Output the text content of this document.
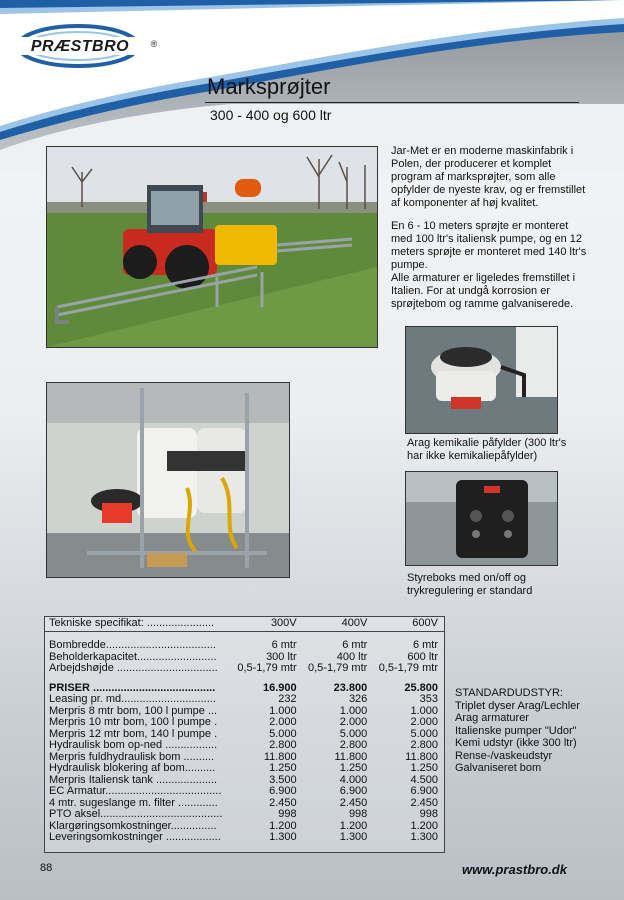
PRÆSTBRO ®
Marksprøjter
300 - 400 og 600 ltr

Jar-Met er en moderne maskinfabrik i Polen, der producerer et komplet program af marksprøjter, som alle opfylder de nyeste krav, og er fremstillet af komponenter af høj kvalitet.

En 6 - 10 meters sprøjte er monteret med 100 ltr's italiensk pumpe, og en 12 meters sprøjte er monteret med 140 ltr's pumpe.

Alle armaturer er ligeledes fremstillet i Italien. For at undgå korrosion er sprøjtebom og ramme galvaniserede.

Arag kemikalie påfylder (300 ltr's har ikke kemikaliepåfylder)
Styreboks med on/off og trykregulering er standard
Tekniske specifikat: ......................	300V	400V	600V

Bombredde....................................	6 mtr	6 mtr	6 mtr
Beholderkapacitet..........................	300 ltr	400 ltr	600 ltr
Arbejdshøjde .................................	0,5-1,79 mtr	0,5-1,79 mtr	0,5-1,79 mtr

PRISER ........................................	16.900	23.800	25.800
Leasing pr. md...............................	232	326	353
Merpris 8 mtr bom, 100 l pumpe ...	1.000	1.000	1.000
Merpris 10 mtr bom, 100 l pumpe .	2.000	2.000	2.000
Merpris 12 mtr bom, 140 l pumpe .	5.000	5.000	5.000
Hydraulisk bom op-ned .................	2.800	2.800	2.800
Merpris fuldhydraulisk bom ..........	11.800	11.800	11.800
Hydraulisk blokering af bom..........	1.250	1.250	1.250
Merpris Italiensk tank ....................	3.500	4.000	4.500
EC Armatur......................................	6.900	6.900	6.900
4 mtr. sugeslange m. filter .............	2.450	2.450	2.450
PTO aksel........................................	998	998	998
Klargøringsomkostninger...............	1.200	1.200	1.200
Leveringsomkostninger ..................	1.300	1.300	1.300
STANDARDUDSTYR:
Triplet dyser Arag/Lechler
Arag armaturer
Italienske pumper "Udor"
Kemi udstyr (ikke 300 ltr)
Rense-/vaskeudstyr
Galvaniseret bom
88	www.prastbro.dk
